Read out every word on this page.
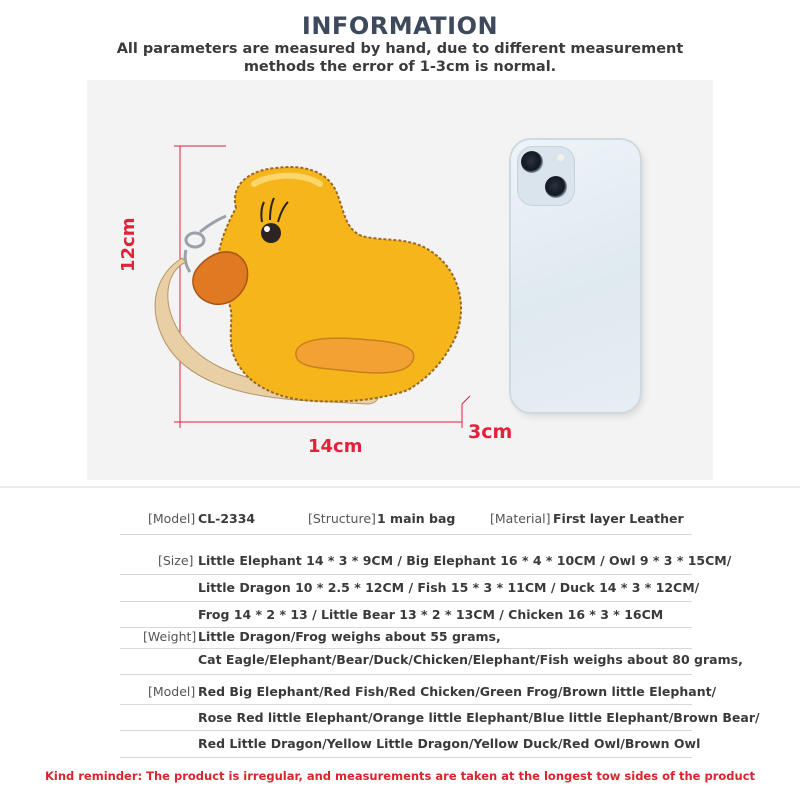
INFORMATION
All parameters are measured by hand, due to different measurement
methods the error of 1-3cm is normal.
12cm
14cm
3cm
[Model] CL-2334	[Structure] 1 main bag	[Material] First layer Leather
[Size] Little Elephant 14 * 3 * 9CM / Big Elephant 16 * 4 * 10CM / Owl 9 * 3 * 15CM/
Little Dragon 10 * 2.5 * 12CM / Fish 15 * 3 * 11CM / Duck 14 * 3 * 12CM/
Frog 14 * 2 * 13 / Little Bear 13 * 2 * 13CM / Chicken 16 * 3 * 16CM
[Weight] Little Dragon/Frog weighs about 55 grams,
Cat Eagle/Elephant/Bear/Duck/Chicken/Elephant/Fish weighs about 80 grams,
[Model] Red Big Elephant/Red Fish/Red Chicken/Green Frog/Brown little Elephant/
Rose Red little Elephant/Orange little Elephant/Blue little Elephant/Brown Bear/
Red Little Dragon/Yellow Little Dragon/Yellow Duck/Red Owl/Brown Owl
Kind reminder: The product is irregular, and measurements are taken at the longest tow sides of the product
